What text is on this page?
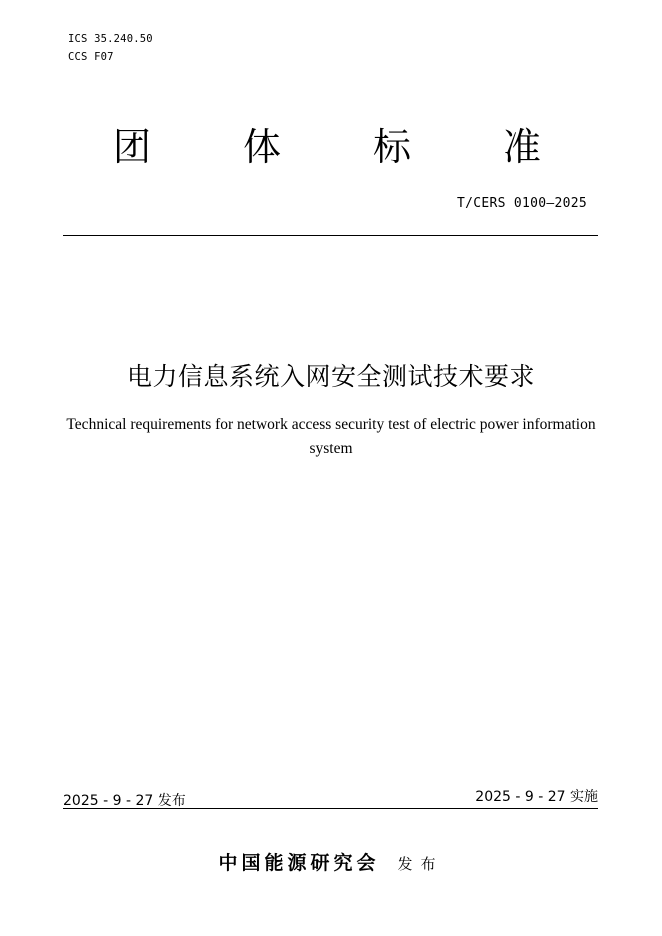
ICS 35.240.50
CCS F07
团 体 标 准
T/CERS 0100—2025
电力信息系统入网安全测试技术要求
Technical requirements for network access security test of electric power information system
2025 - 9 - 27 发布	2025 - 9 - 27 实施
中国能源研究会 发布
